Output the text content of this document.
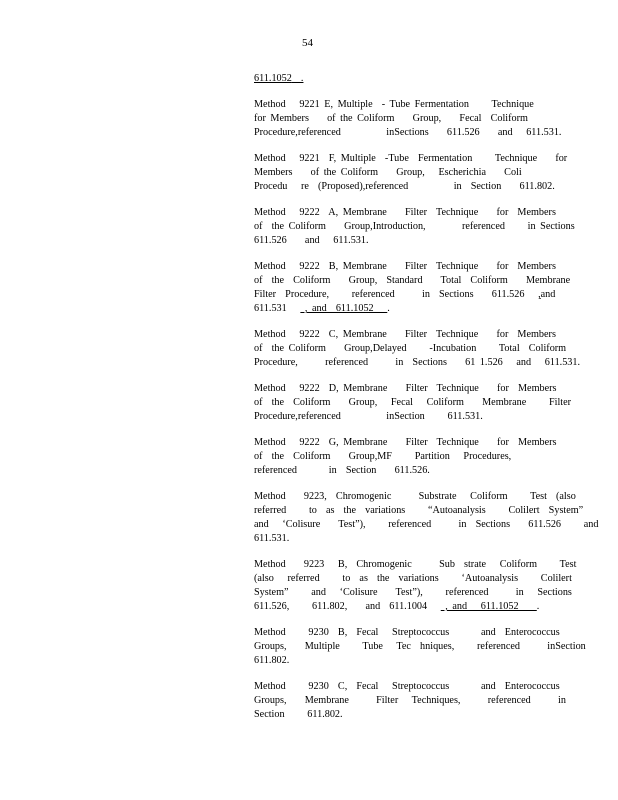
54
611.1052  .
Method   9221 E, Multiple  - Tube Fermentation     Technique
for Members    of the Coliform    Group,    Fecal  Coliform
Procedure,referenced          inSections    611.526    and   611.531.
Method   9221  F, Multiple  -Tube  Fermentation     Technique    for
Members    of the Coliform    Group,   Escherichia    Coli
Procedu   re  (Proposed),referenced          in  Section    611.802.
Method   9222  A, Membrane    Filter  Technique    for  Members
of  the Coliform    Group,Introduction,        referenced     in Sections
611.526    and   611.531.
Method   9222  B, Membrane    Filter  Technique    for  Members
of  the  Coliform    Group,  Standard    Total  Coliform    Membrane
Filter  Procedure,     referenced      in  Sections    611.526   ,and
611.531    , and  611.1052   .
Method   9222  C, Membrane    Filter  Technique    for  Members
of  the Coliform    Group,Delayed     -Incubation     Total  Coliform
Procedure,      referenced      in  Sections    61 1.526   and   611.531.
Method   9222  D, Membrane    Filter  Technique    for  Members
of  the  Coliform    Group,   Fecal   Coliform    Membrane     Filter
Procedure,referenced          inSection     611.531.
Method   9222  G, Membrane    Filter  Technique    for  Members
of  the  Coliform    Group,MF     Partition   Procedures,
referenced       in  Section    611.526.
Method    9223,  Chromogenic      Substrate   Coliform     Test  (also
referred     to  as  the  variations     “Autoanalysis     Colilert  System”
and   ‘Colisure    Test”),     referenced      in  Sections    611.526     and
611.531.
Method    9223   B,  Chromogenic      Sub  strate   Coliform     Test
(also   referred     to  as  the  variations     ‘Autoanalysis     Colilert
System”     and   ‘Colisure    Test”),     referenced      in   Sections
611.526,     611.802,    and  611.1004    , and   611.1052    .
Method     9230  B,  Fecal   Streptococcus       and  Enterococcus
Groups,    Multiple     Tube   Tec  hniques,     referenced      inSection
611.802.
Method     9230  C,  Fecal   Streptococcus       and  Enterococcus
Groups,    Membrane      Filter   Techniques,      referenced      in
Section     611.802.
